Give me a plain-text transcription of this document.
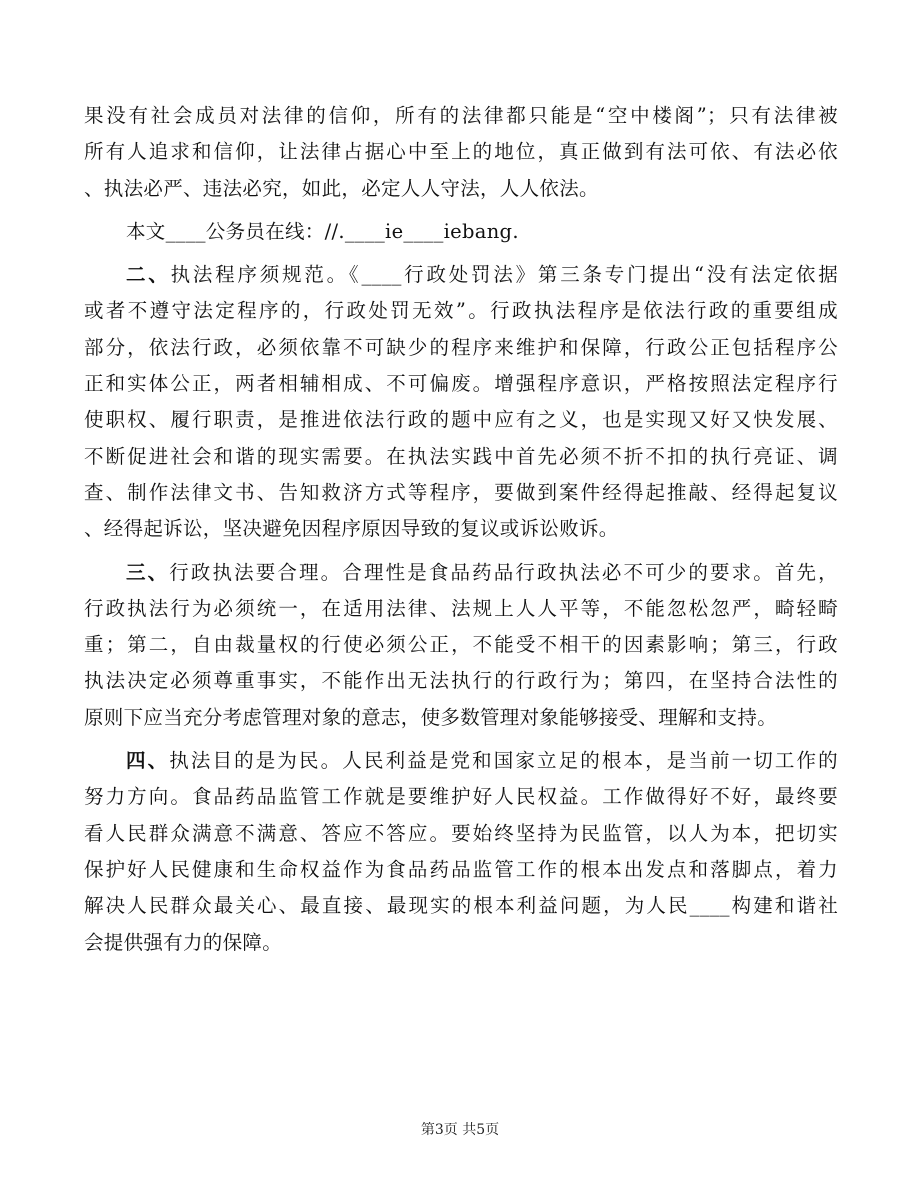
果没有社会成员对法律的信仰，所有的法律都只能是“空中楼阁”；只有法律被
所有人追求和信仰，让法律占据心中至上的地位，真正做到有法可依、有法必依
、执法必严、违法必究，如此，必定人人守法，人人依法。
本文____公务员在线：//.____ie____iebang.
二、执法程序须规范。《____行政处罚法》第三条专门提出“没有法定依据
或者不遵守法定程序的，行政处罚无效”。行政执法程序是依法行政的重要组成
部分，依法行政，必须依靠不可缺少的程序来维护和保障，行政公正包括程序公
正和实体公正，两者相辅相成、不可偏废。增强程序意识，严格按照法定程序行
使职权、履行职责，是推进依法行政的题中应有之义，也是实现又好又快发展、
不断促进社会和谐的现实需要。在执法实践中首先必须不折不扣的执行亮证、调
查、制作法律文书、告知救济方式等程序，要做到案件经得起推敲、经得起复议
、经得起诉讼，坚决避免因程序原因导致的复议或诉讼败诉。
三、行政执法要合理。合理性是食品药品行政执法必不可少的要求。首先，
行政执法行为必须统一，在适用法律、法规上人人平等，不能忽松忽严，畸轻畸
重；第二，自由裁量权的行使必须公正，不能受不相干的因素影响；第三，行政
执法决定必须尊重事实，不能作出无法执行的行政行为；第四，在坚持合法性的
原则下应当充分考虑管理对象的意志，使多数管理对象能够接受、理解和支持。
四、执法目的是为民。人民利益是党和国家立足的根本，是当前一切工作的
努力方向。食品药品监管工作就是要维护好人民权益。工作做得好不好，最终要
看人民群众满意不满意、答应不答应。要始终坚持为民监管，以人为本，把切实
保护好人民健康和生命权益作为食品药品监管工作的根本出发点和落脚点，着力
解决人民群众最关心、最直接、最现实的根本利益问题，为人民____构建和谐社
会提供强有力的保障。
第3页 共5页
